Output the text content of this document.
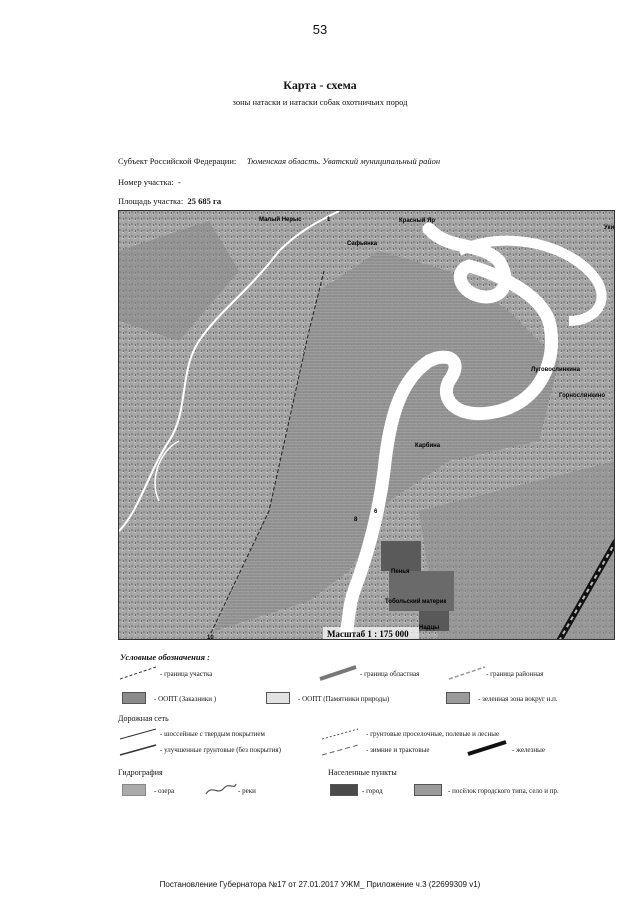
53
Карта - схема
зоны натаски и натаски собак охотничьих пород
Субъект Российской Федерации: Тюменская область. Уватский муниципальный район
Номер участка: -
Площадь участка: 25 685 га
Малый Нерыс	Красный Яр
Сафьянка
Луговослинкина
Горнослинкино
Карбина
Пенья
Тобольский материк
Надцы
Уки
1
6
8
10	Масштаб 1 : 175 000
Условные обозначения :
- граница участка	- граница областная	- граница районная
- ООПТ (Заказники )	- ООПТ (Памятники природы)	- зеленная зона вокруг н.п.
Дорожная сеть
- шоссейные с твердым покрытием	- грунтовые проселочные, полевые и лесные
- улучшенные грунтовые (без покрытия)	- зимние и трактовые	- железные
Гидрография
- озера	- реки
Населенные пункты
- город	- посёлок городского типа, село и пр.
Постановление Губернатора №17 от 27.01.2017 УЖМ_ Приложение ч.3 (22699309 v1)
